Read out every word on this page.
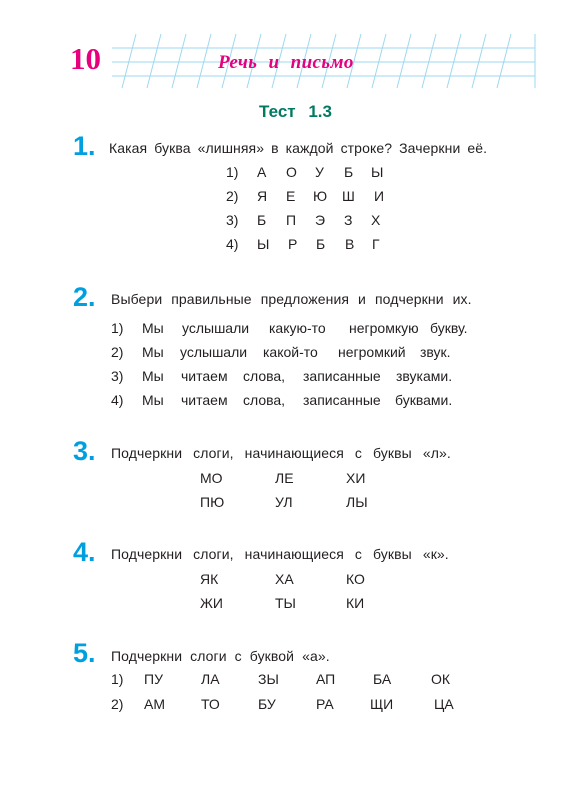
10	Речь и письмо
Тест 1.3
1. Какая буква «лишняя» в каждой строке? Зачеркни её.
1) А О У Б Ы
2) Я Е Ю Ш И
3) Б П Э З Х
4) Ы Р Б В Г
2. Выбери правильные предложения и подчеркни их.
1) Мы услышали какую-то негромкую букву.
2) Мы услышали какой-то негромкий звук.
3) Мы читаем слова, записанные звуками.
4) Мы читаем слова, записанные буквами.
3. Подчеркни слоги, начинающиеся с буквы «л».
МО	ЛЕ	ХИ
ПЮ	УЛ	ЛЫ
4. Подчеркни слоги, начинающиеся с буквы «к».
ЯК	ХА	КО
ЖИ	ТЫ	КИ
5. Подчеркни слоги с буквой «а».
1) ПУ	ЛА	ЗЫ	АП	БА	ОК
2) АМ	ТО	БУ	РА	ЩИ	ЦА
